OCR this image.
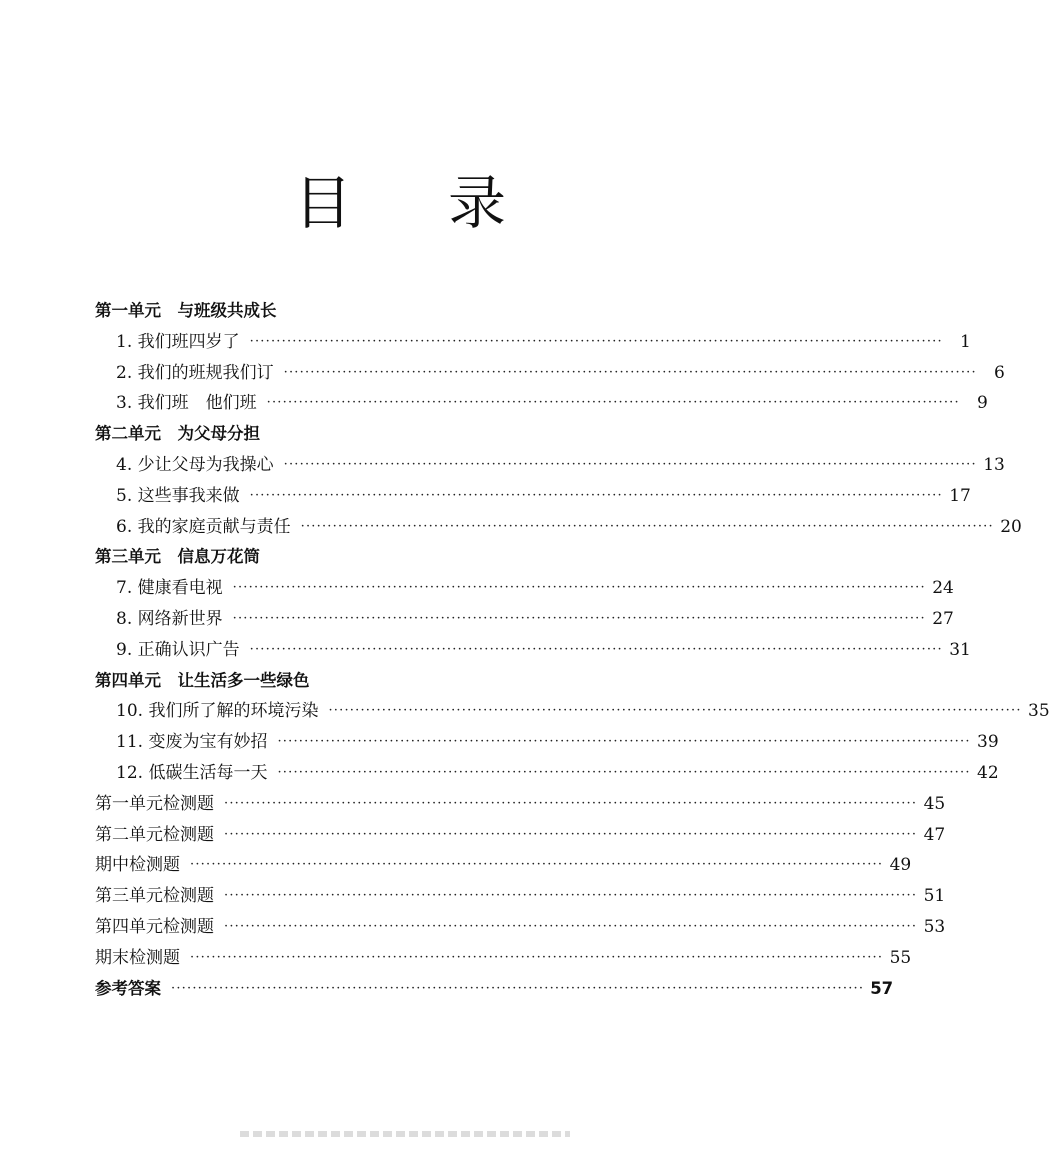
目录
第一单元　与班级共成长
1. 我们班四岁了 ··································································································································	1
2. 我们的班规我们订 ··································································································································	6
3. 我们班　他们班 ··································································································································	9
第二单元　为父母分担
4. 少让父母为我操心 ·································································································································· 13
5. 这些事我来做 ·································································································································· 17
6. 我的家庭贡献与责任 ·································································································································· 20
第三单元　信息万花筒
7. 健康看电视 ·································································································································· 24
8. 网络新世界 ·································································································································· 27
9. 正确认识广告 ·································································································································· 31
第四单元　让生活多一些绿色
10. 我们所了解的环境污染 ·································································································································· 35
11. 变废为宝有妙招 ·································································································································· 39
12. 低碳生活每一天 ·································································································································· 42
第一单元检测题 ·································································································································· 45
第二单元检测题 ·································································································································· 47
期中检测题 ·································································································································· 49
第三单元检测题 ·································································································································· 51
第四单元检测题 ·································································································································· 53
期末检测题 ·································································································································· 55
参考答案 ·································································································································· 57
